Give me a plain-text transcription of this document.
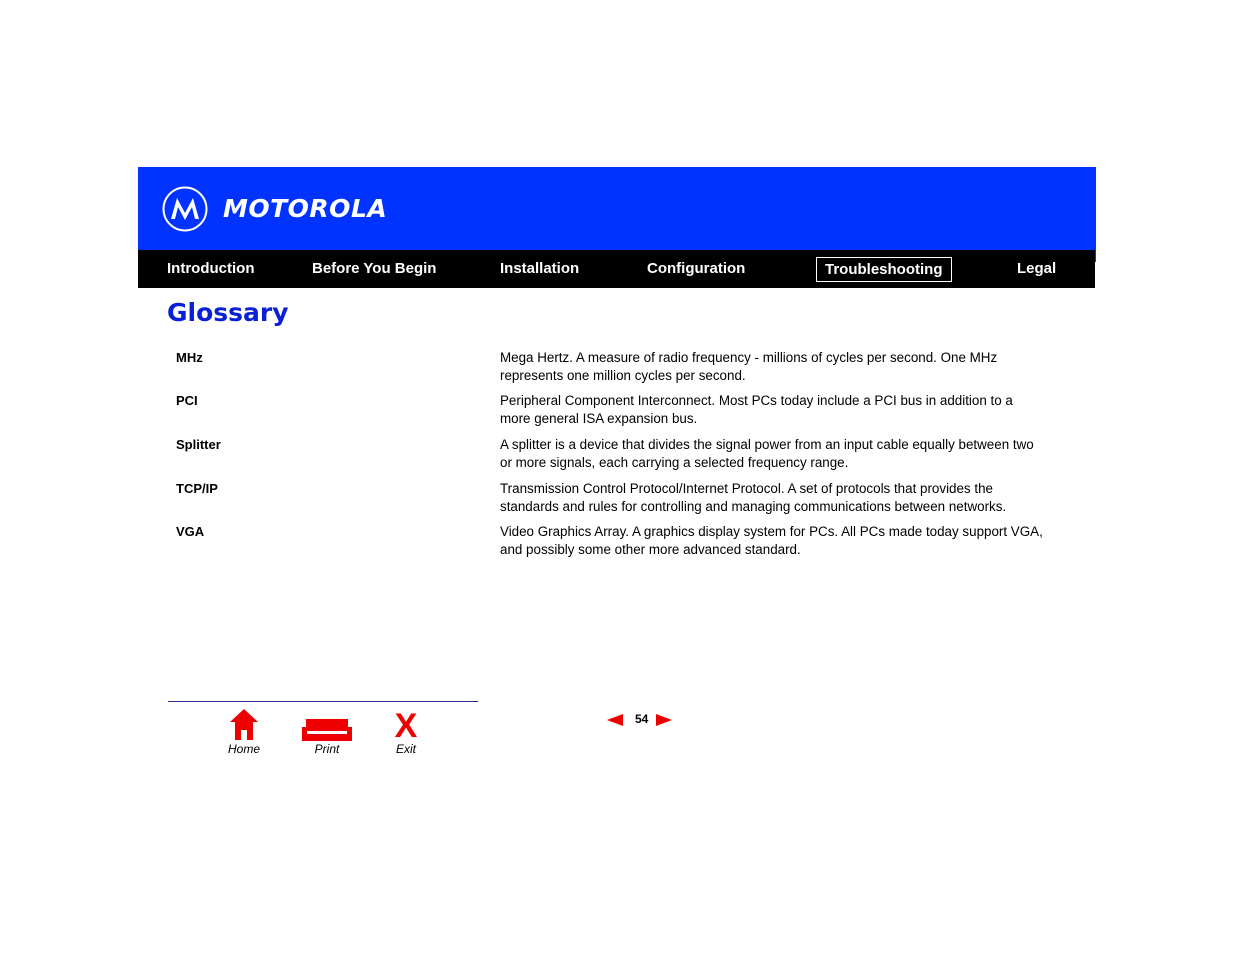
MOTOROLA
Introduction	Before You Begin	Installation	Configuration	Troubleshooting	Legal
Glossary
MHz	Mega Hertz. A measure of radio frequency - millions of cycles per second. One MHz represents one million cycles per second.
PCI	Peripheral Component Interconnect. Most PCs today include a PCI bus in addition to a more general ISA expansion bus.
Splitter	A splitter is a device that divides the signal power from an input cable equally between two or more signals, each carrying a selected frequency range.
TCP/IP	Transmission Control Protocol/Internet Protocol. A set of protocols that provides the standards and rules for controlling and managing communications between networks.
VGA	Video Graphics Array. A graphics display system for PCs. All PCs made today support VGA, and possibly some other more advanced standard.
Home	Print
X
Exit
54
